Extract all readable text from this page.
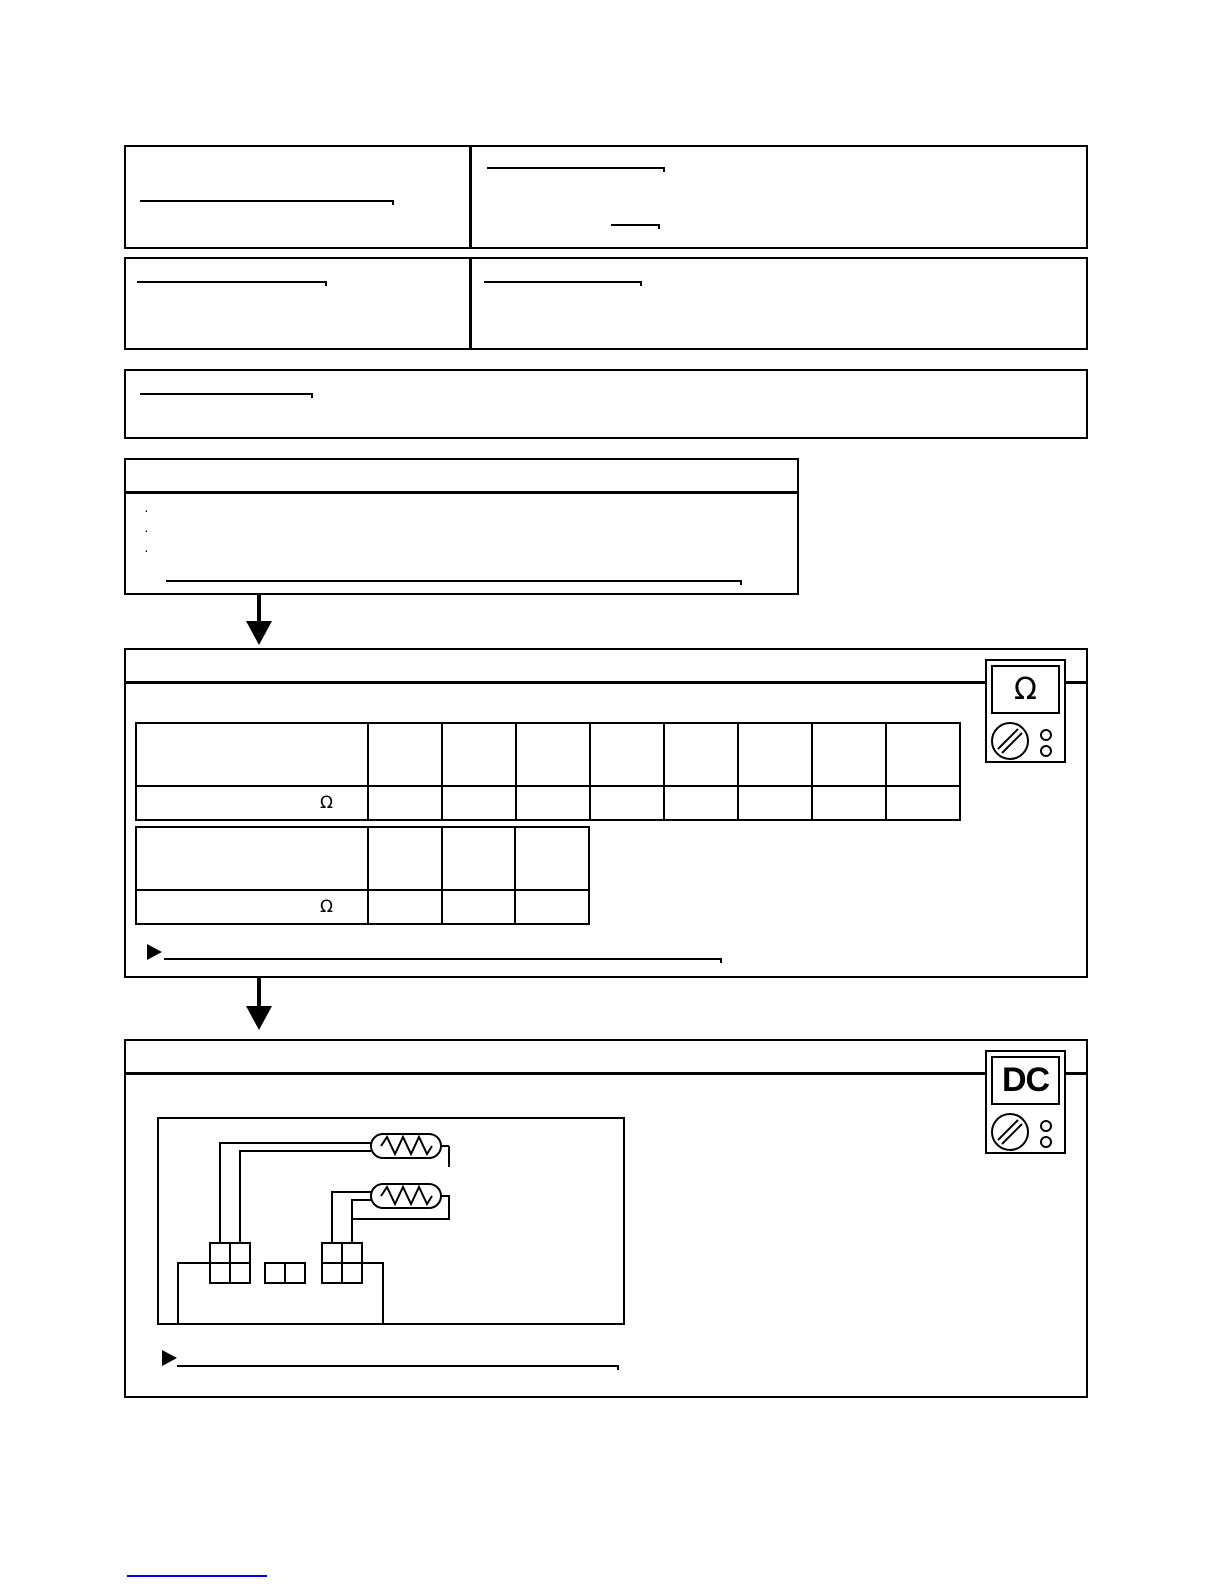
·
·
·
Ω

Ω								

Ω			
DC
